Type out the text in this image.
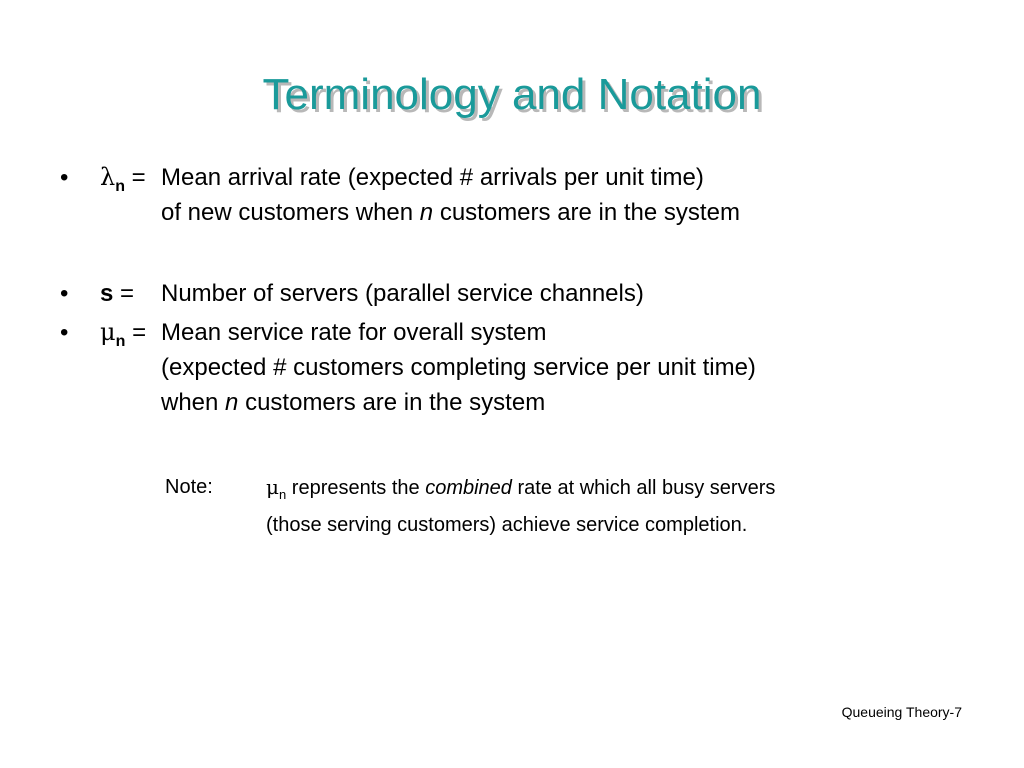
Terminology and Notation
• $\lambda_n$ = Mean arrival rate (expected # arrivals per unit time)
of new customers when n customers are in the system
• s = Number of servers (parallel service channels)
• $\mu_n$ = Mean service rate for overall system
(expected # customers completing service per unit time)
when n customers are in the system
Note:	$\mu_n$ represents the combined rate at which all busy servers
(those serving customers) achieve service completion.
Queueing Theory-7
